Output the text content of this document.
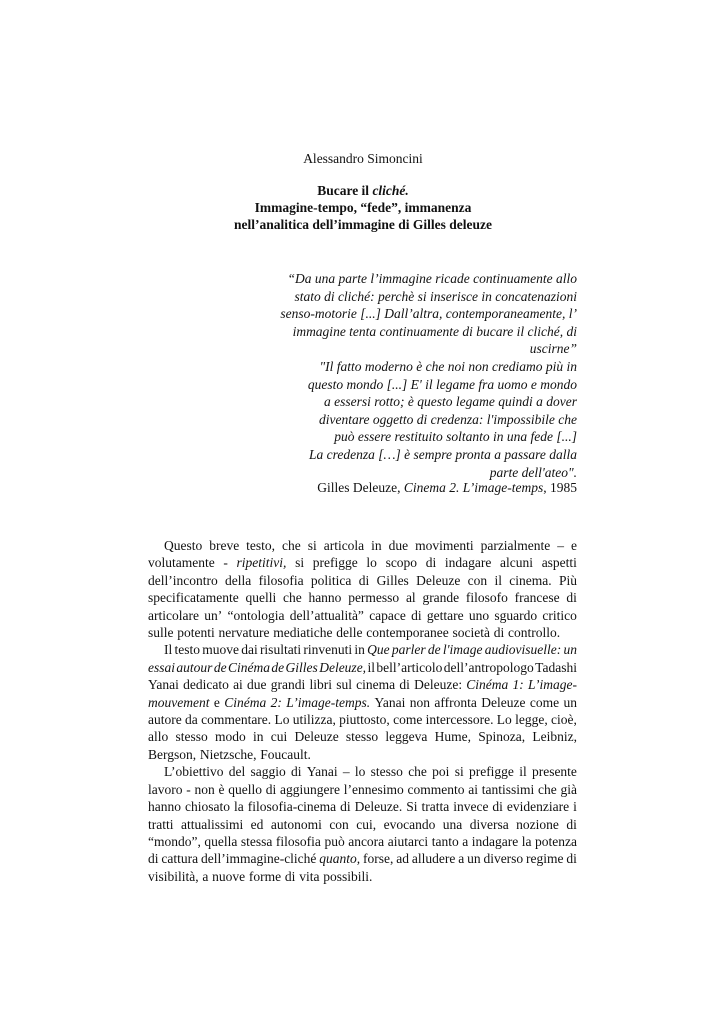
Alessandro Simoncini
Bucare il cliché.
Immagine-tempo, “fede”, immanenza
nell’analitica dell’immagine di Gilles deleuze
“Da una parte l’immagine ricade continuamente allo
stato di cliché: perchè si inserisce in concatenazioni
senso-motorie [...] Dall’altra, contemporaneamente, l’
immagine tenta continuamente di bucare il cliché, di
uscirne”
"Il fatto moderno è che noi non crediamo più in
questo mondo [...] E' il legame fra uomo e mondo
a essersi rotto; è questo legame quindi a dover
diventare oggetto di credenza: l'impossibile che
può essere restituito soltanto in una fede [...]
La credenza […] è sempre pronta a passare dalla
parte dell'ateo".
Gilles Deleuze, Cinema 2. L’image-temps, 1985
Questo breve testo, che si articola in due movimenti parzialmente – e
volutamente - ripetitivi, si prefigge lo scopo di indagare alcuni aspetti
dell’incontro della filosofia politica di Gilles Deleuze con il cinema. Più
specificatamente quelli che hanno permesso al grande filosofo francese di
articolare un’ “ontologia dell’attualità” capace di gettare uno sguardo critico
sulle potenti nervature mediatiche delle contemporanee società di controllo.
Il testo muove dai risultati rinvenuti in Que parler de l'image audiovisuelle: un
essai autour de Cinéma de Gilles Deleuze, il bell’articolo dell’antropologo Tadashi
Yanai dedicato ai due grandi libri sul cinema di Deleuze: Cinéma 1: L’image-
mouvement e Cinéma 2: L’image-temps. Yanai non affronta Deleuze come un
autore da commentare. Lo utilizza, piuttosto, come intercessore. Lo legge, cioè,
allo stesso modo in cui Deleuze stesso leggeva Hume, Spinoza, Leibniz,
Bergson, Nietzsche, Foucault.
L’obiettivo del saggio di Yanai – lo stesso che poi si prefigge il presente
lavoro - non è quello di aggiungere l’ennesimo commento ai tantissimi che già
hanno chiosato la filosofia-cinema di Deleuze. Si tratta invece di evidenziare i
tratti attualissimi ed autonomi con cui, evocando una diversa nozione di
“mondo”, quella stessa filosofia può ancora aiutarci tanto a indagare la potenza
di cattura dell’immagine-cliché quanto, forse, ad alludere a un diverso regime di
visibilità, a nuove forme di vita possibili.
